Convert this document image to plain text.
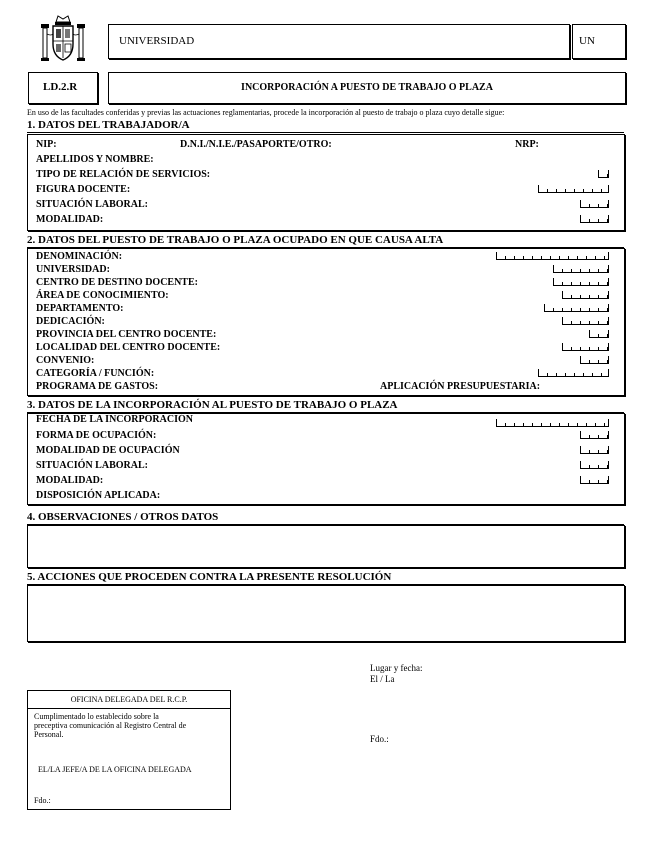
UNIVERSIDAD	UN
LD.2.R	INCORPORACIÓN A PUESTO DE TRABAJO O PLAZA
En uso de las facultades conferidas y previas las actuaciones reglamentarias, procede la incorporación al puesto de trabajo o plaza cuyo detalle sigue:
1. DATOS DEL TRABAJADOR/A
NIP:	D.N.I./N.I.E./PASAPORTE/OTRO:	NRP:
APELLIDOS Y NOMBRE:
TIPO DE RELACIÓN DE SERVICIOS:
FIGURA DOCENTE:
SITUACIÓN LABORAL:
MODALIDAD:
2. DATOS DEL PUESTO DE TRABAJO O PLAZA OCUPADO EN QUE CAUSA ALTA
DENOMINACIÓN:
UNIVERSIDAD:
CENTRO DE DESTINO DOCENTE:
ÁREA DE CONOCIMIENTO:
DEPARTAMENTO:
DEDICACIÓN:
PROVINCIA DEL CENTRO DOCENTE:
LOCALIDAD DEL CENTRO DOCENTE:
CONVENIO:
CATEGORÍA / FUNCIÓN:
PROGRAMA DE GASTOS:	APLICACIÓN PRESUPUESTARIA:
3. DATOS DE LA INCORPORACIÓN AL PUESTO DE TRABAJO O PLAZA
FECHA DE LA INCORPORACIÓN
FORMA DE OCUPACIÓN:
MODALIDAD DE OCUPACIÓN
SITUACIÓN LABORAL:
MODALIDAD:
DISPOSICIÓN APLICADA:
4. OBSERVACIONES / OTROS DATOS
5. ACCIONES QUE PROCEDEN CONTRA LA PRESENTE RESOLUCIÓN
Lugar y fecha:
El / La
Fdo.:
OFICINA DELEGADA DEL R.C.P.
Cumplimentado lo establecido sobre la
preceptiva comunicación al Registro Central de
Personal.
EL/LA JEFE/A DE LA OFICINA DELEGADA
Fdo.:
